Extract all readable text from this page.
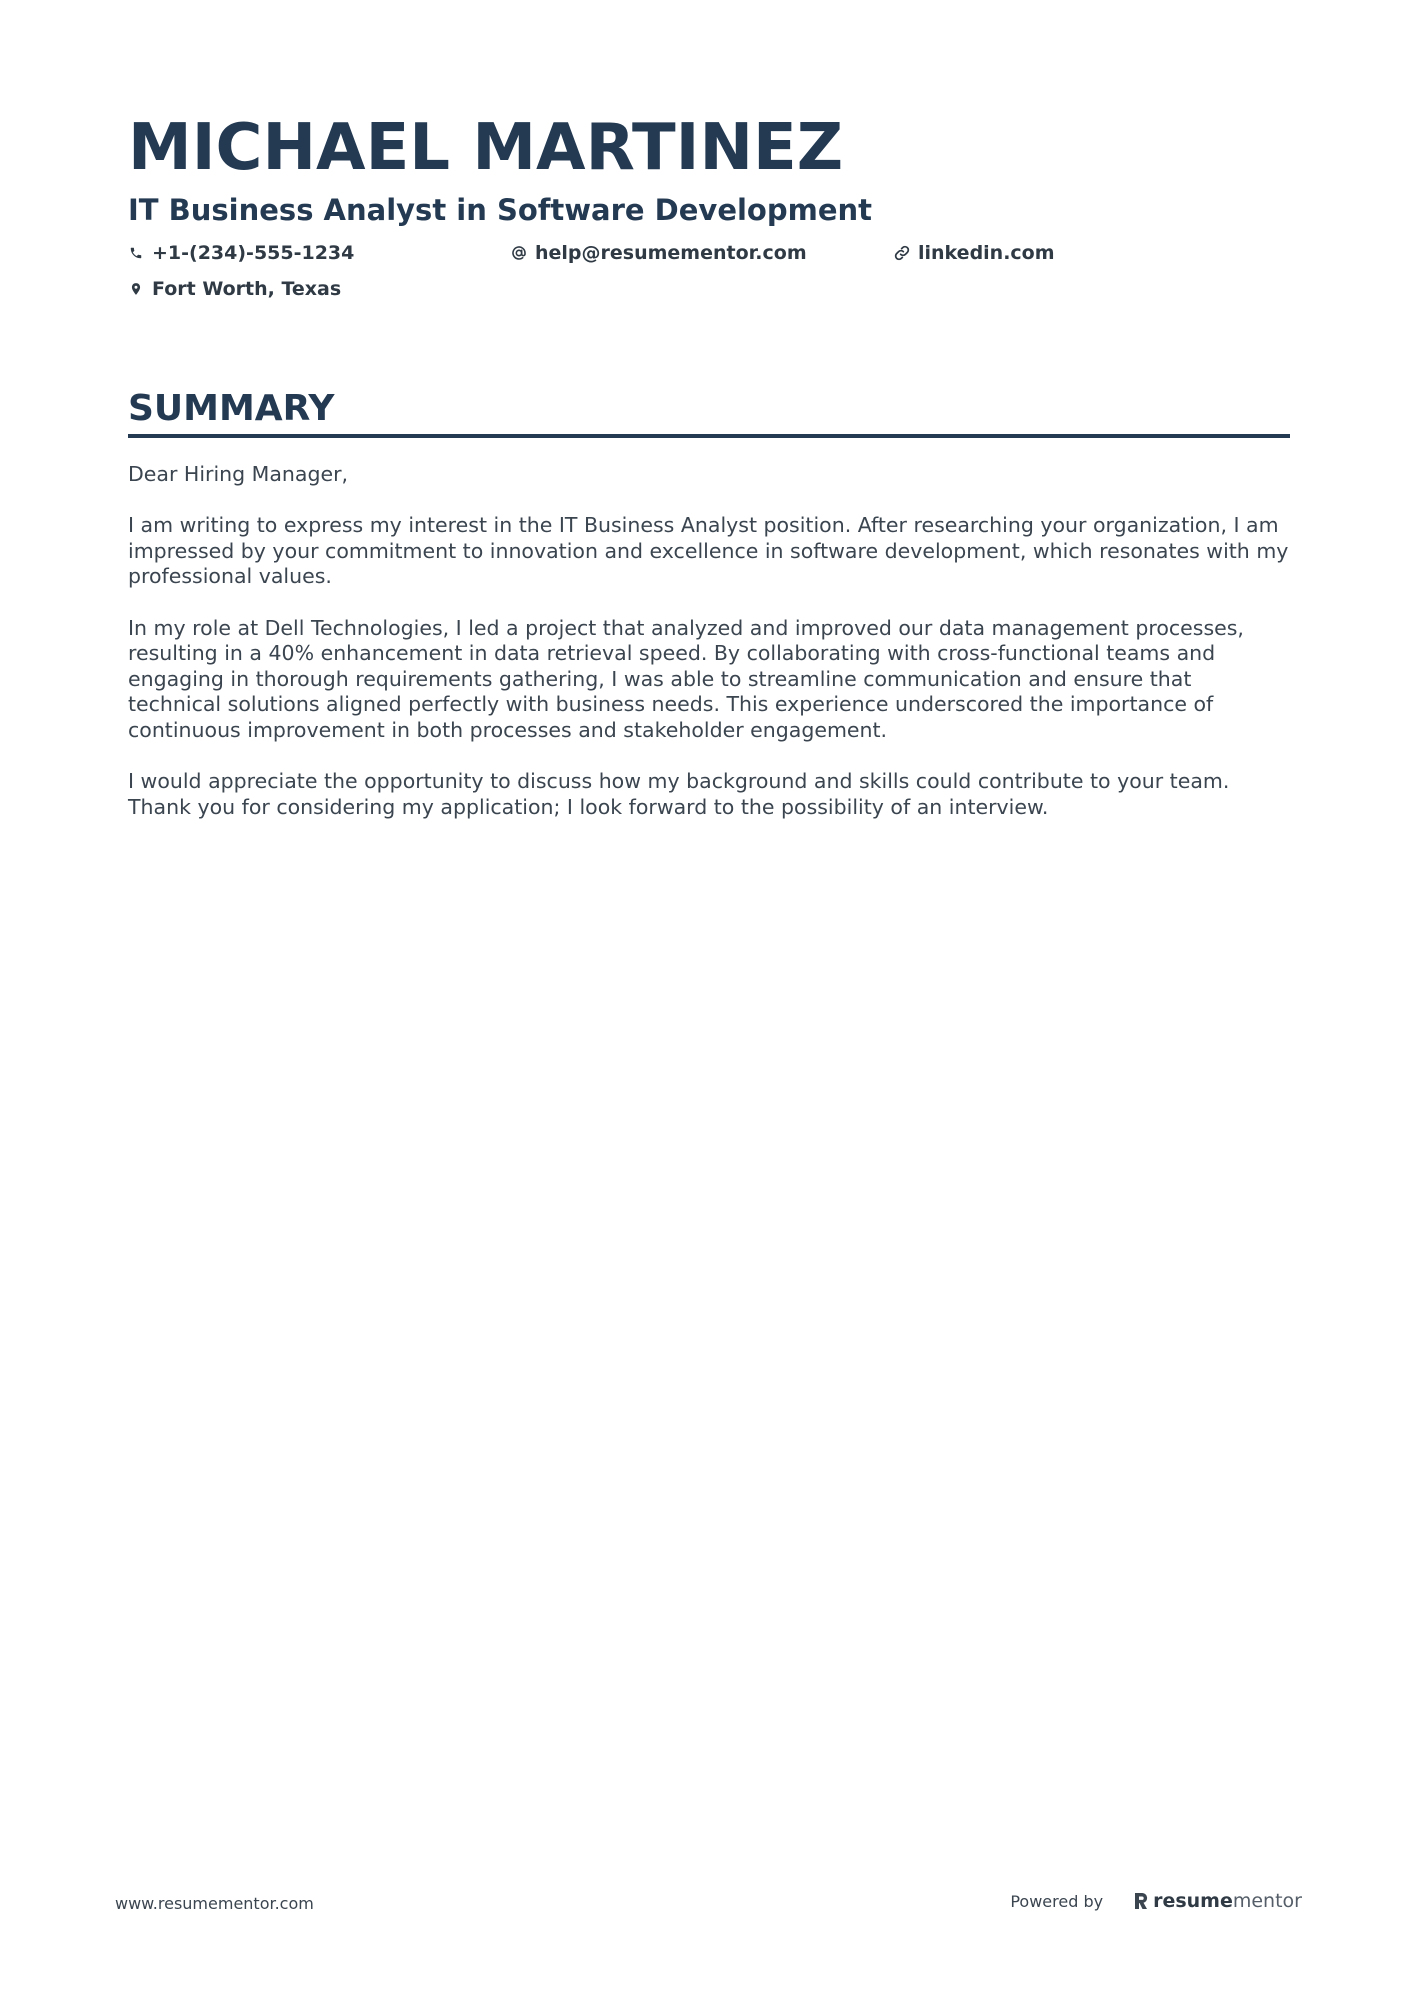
MICHAEL MARTINEZ
IT Business Analyst in Software Development
+1-(234)-555-1234	help@resumementor.com	linkedin.com
Fort Worth, Texas
SUMMARY

Dear Hiring Manager,

I am writing to express my interest in the IT Business Analyst position. After researching your organization, I am impressed by your commitment to innovation and excellence in software development, which resonates with my professional values.

In my role at Dell Technologies, I led a project that analyzed and improved our data management processes, resulting in a 40% enhancement in data retrieval speed. By collaborating with cross-functional teams and engaging in thorough requirements gathering, I was able to streamline communication and ensure that technical solutions aligned perfectly with business needs. This experience underscored the importance of continuous improvement in both processes and stakeholder engagement.

I would appreciate the opportunity to discuss how my background and skills could contribute to your team. Thank you for considering my application; I look forward to the possibility of an interview.

www.resumementor.com	Powered by	resume mentor
